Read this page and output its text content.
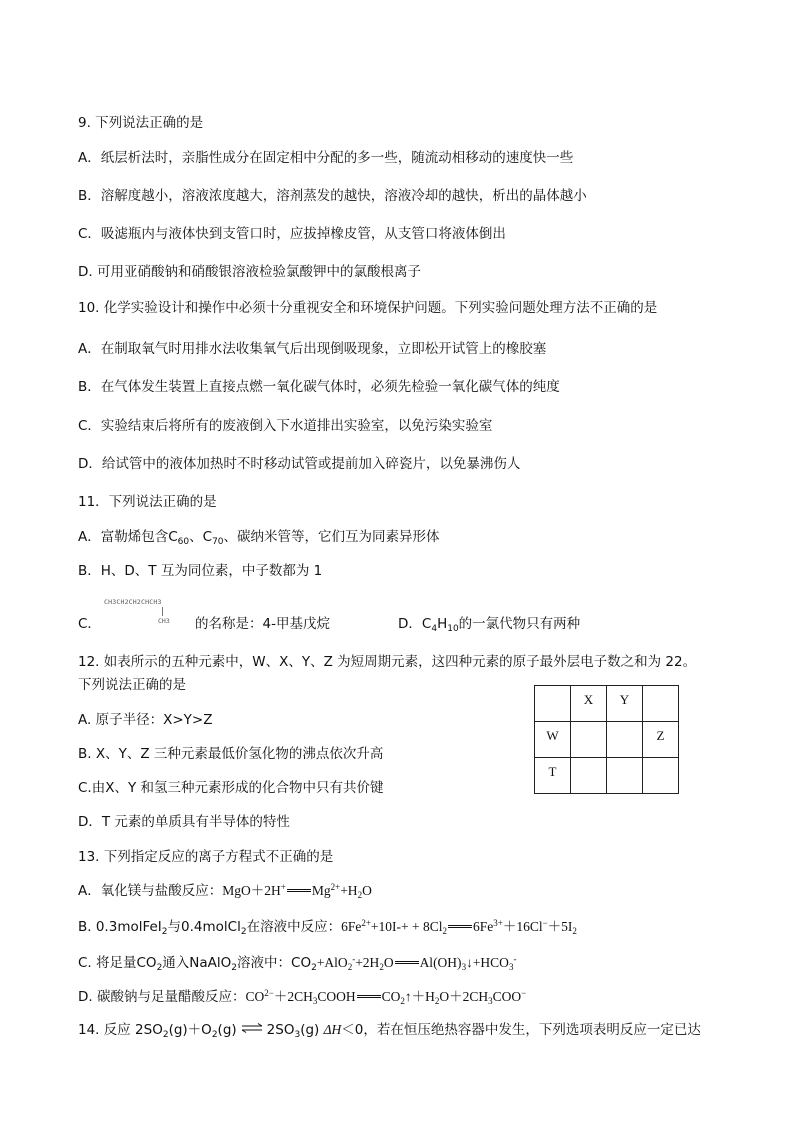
9. 下列说法正确的是
A．纸层析法时，亲脂性成分在固定相中分配的多一些，随流动相移动的速度快一些
B．溶解度越小，溶液浓度越大，溶剂蒸发的越快，溶液冷却的越快，析出的晶体越小
C．吸滤瓶内与液体快到支管口时，应拔掉橡皮管，从支管口将液体倒出
D. 可用亚硝酸钠和硝酸银溶液检验氯酸钾中的氯酸根离子
10. 化学实验设计和操作中必须十分重视安全和环境保护问题。下列实验问题处理方法不正确的是
A．在制取氧气时用排水法收集氧气后出现倒吸现象，立即松开试管上的橡胶塞
B．在气体发生装置上直接点燃一氧化碳气体时，必须先检验一氧化碳气体的纯度
C．实验结束后将所有的废液倒入下水道排出实验室，以免污染实验室
D．给试管中的液体加热时不时移动试管或提前加入碎瓷片，以免暴沸伤人
11．下列说法正确的是
A．富勒烯包含$C_{60}$、$C_{70}$、碳纳米管等，它们互为同素异形体
B．H、D、T 互为同位素，中子数都为 1
C．
CH3CH2CH2CHCH3
CH3 的名称是：4-甲基戊烷	D．$C_4H_{10}$的一氯代物只有两种
12. 如表所示的五种元素中，W、X、Y、Z 为短周期元素，这四种元素的原子最外层电子数之和为 22。
下列说法正确的是
A. 原子半径：X>Y>Z
B. X、Y、Z 三种元素最低价氢化物的沸点依次升高
C.由X、Y 和氢三种元素形成的化合物中只有共价键
D．T 元素的单质具有半导体的特性
	X	Y	
W			Z
T			
13. 下列指定反应的离子方程式不正确的是
A．氧化镁与盐酸反应：MgO＋2H+ $Mg^{2+}+H_2O$
B. 0.3molFeI$_2$与0.4molCl$_2$在溶液中反应：$6Fe^{2+}+10I-+ + 8Cl_2$ $6Fe^{3+}+16Cl^-+5I_2$
C. 将足量$CO_2$通入NaAlO$_2$溶液中：$CO_2+AlO_2^-+2H_2O$ $Al(OH)_3↓+HCO_3^-$
D. 碳酸钠与足量醋酸反应：$CO^{2-}+2CH_3COOH$ $CO_2↑+H_2O+2CH_3COO^-$
14. 反应 $2SO_2(g)+O_2(g)$ ⇌ $2SO_3(g)$ ΔH＜0，若在恒压绝热容器中发生，下列选项表明反应一定已达
